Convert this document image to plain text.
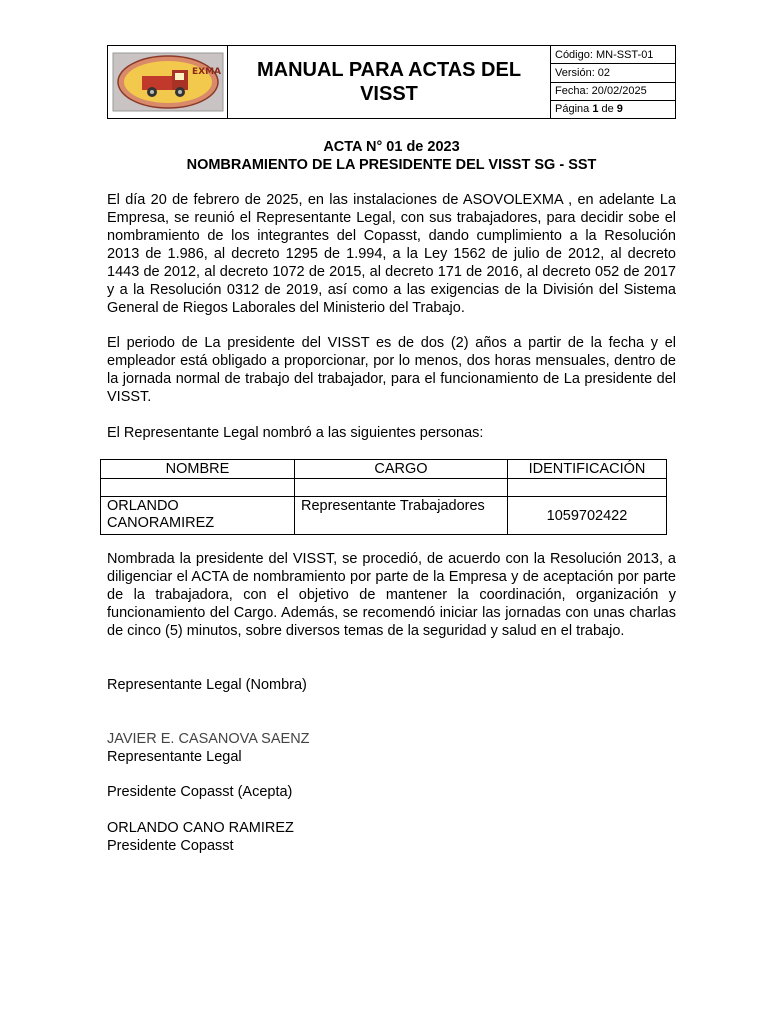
EXMA	MANUAL PARA ACTAS DEL VISST
Código: MN-SST-01
Versión: 02
Fecha: 20/02/2025
Página 1 de 9
ACTA N° 01 de 2023
NOMBRAMIENTO DE LA PRESIDENTE DEL VISST SG - SST

El día 20 de febrero de 2025, en las instalaciones de ASOVOLEXMA , en adelante La Empresa, se reunió el Representante Legal, con sus trabajadores, para decidir sobe el nombramiento de los integrantes del Copasst, dando cumplimiento a la Resolución 2013 de 1.986, al decreto 1295 de 1.994, a la Ley 1562 de julio de 2012, al decreto 1443 de 2012, al decreto 1072 de 2015, al decreto 171 de 2016, al decreto 052 de 2017 y a la Resolución 0312 de 2019, así como a las exigencias de la División del Sistema General de Riegos Laborales del Ministerio del Trabajo.

El periodo de La presidente del VISST es de dos (2) años a partir de la fecha y el empleador está obligado a proporcionar, por lo menos, dos horas mensuales, dentro de la jornada normal de trabajo del trabajador, para el funcionamiento de La presidente del VISST.

El Representante Legal nombró a las siguientes personas:

NOMBRE	CARGO	IDENTIFICACIÓN

ORLANDO CANORAMIREZ	Representante Trabajadores	1059702422

Nombrada la presidente del VISST, se procedió, de acuerdo con la Resolución 2013, a diligenciar el ACTA de nombramiento por parte de la Empresa y de aceptación por parte de la trabajadora, con el objetivo de mantener la coordinación, organización y funcionamiento del Cargo. Además, se recomendó iniciar las jornadas con unas charlas de cinco (5) minutos, sobre diversos temas de la seguridad y salud en el trabajo.

Representante Legal (Nombra)
JAVIER E. CASANOVA SAENZ
Representante Legal
Presidente Copasst (Acepta)
ORLANDO CANO RAMIREZ
Presidente Copasst
